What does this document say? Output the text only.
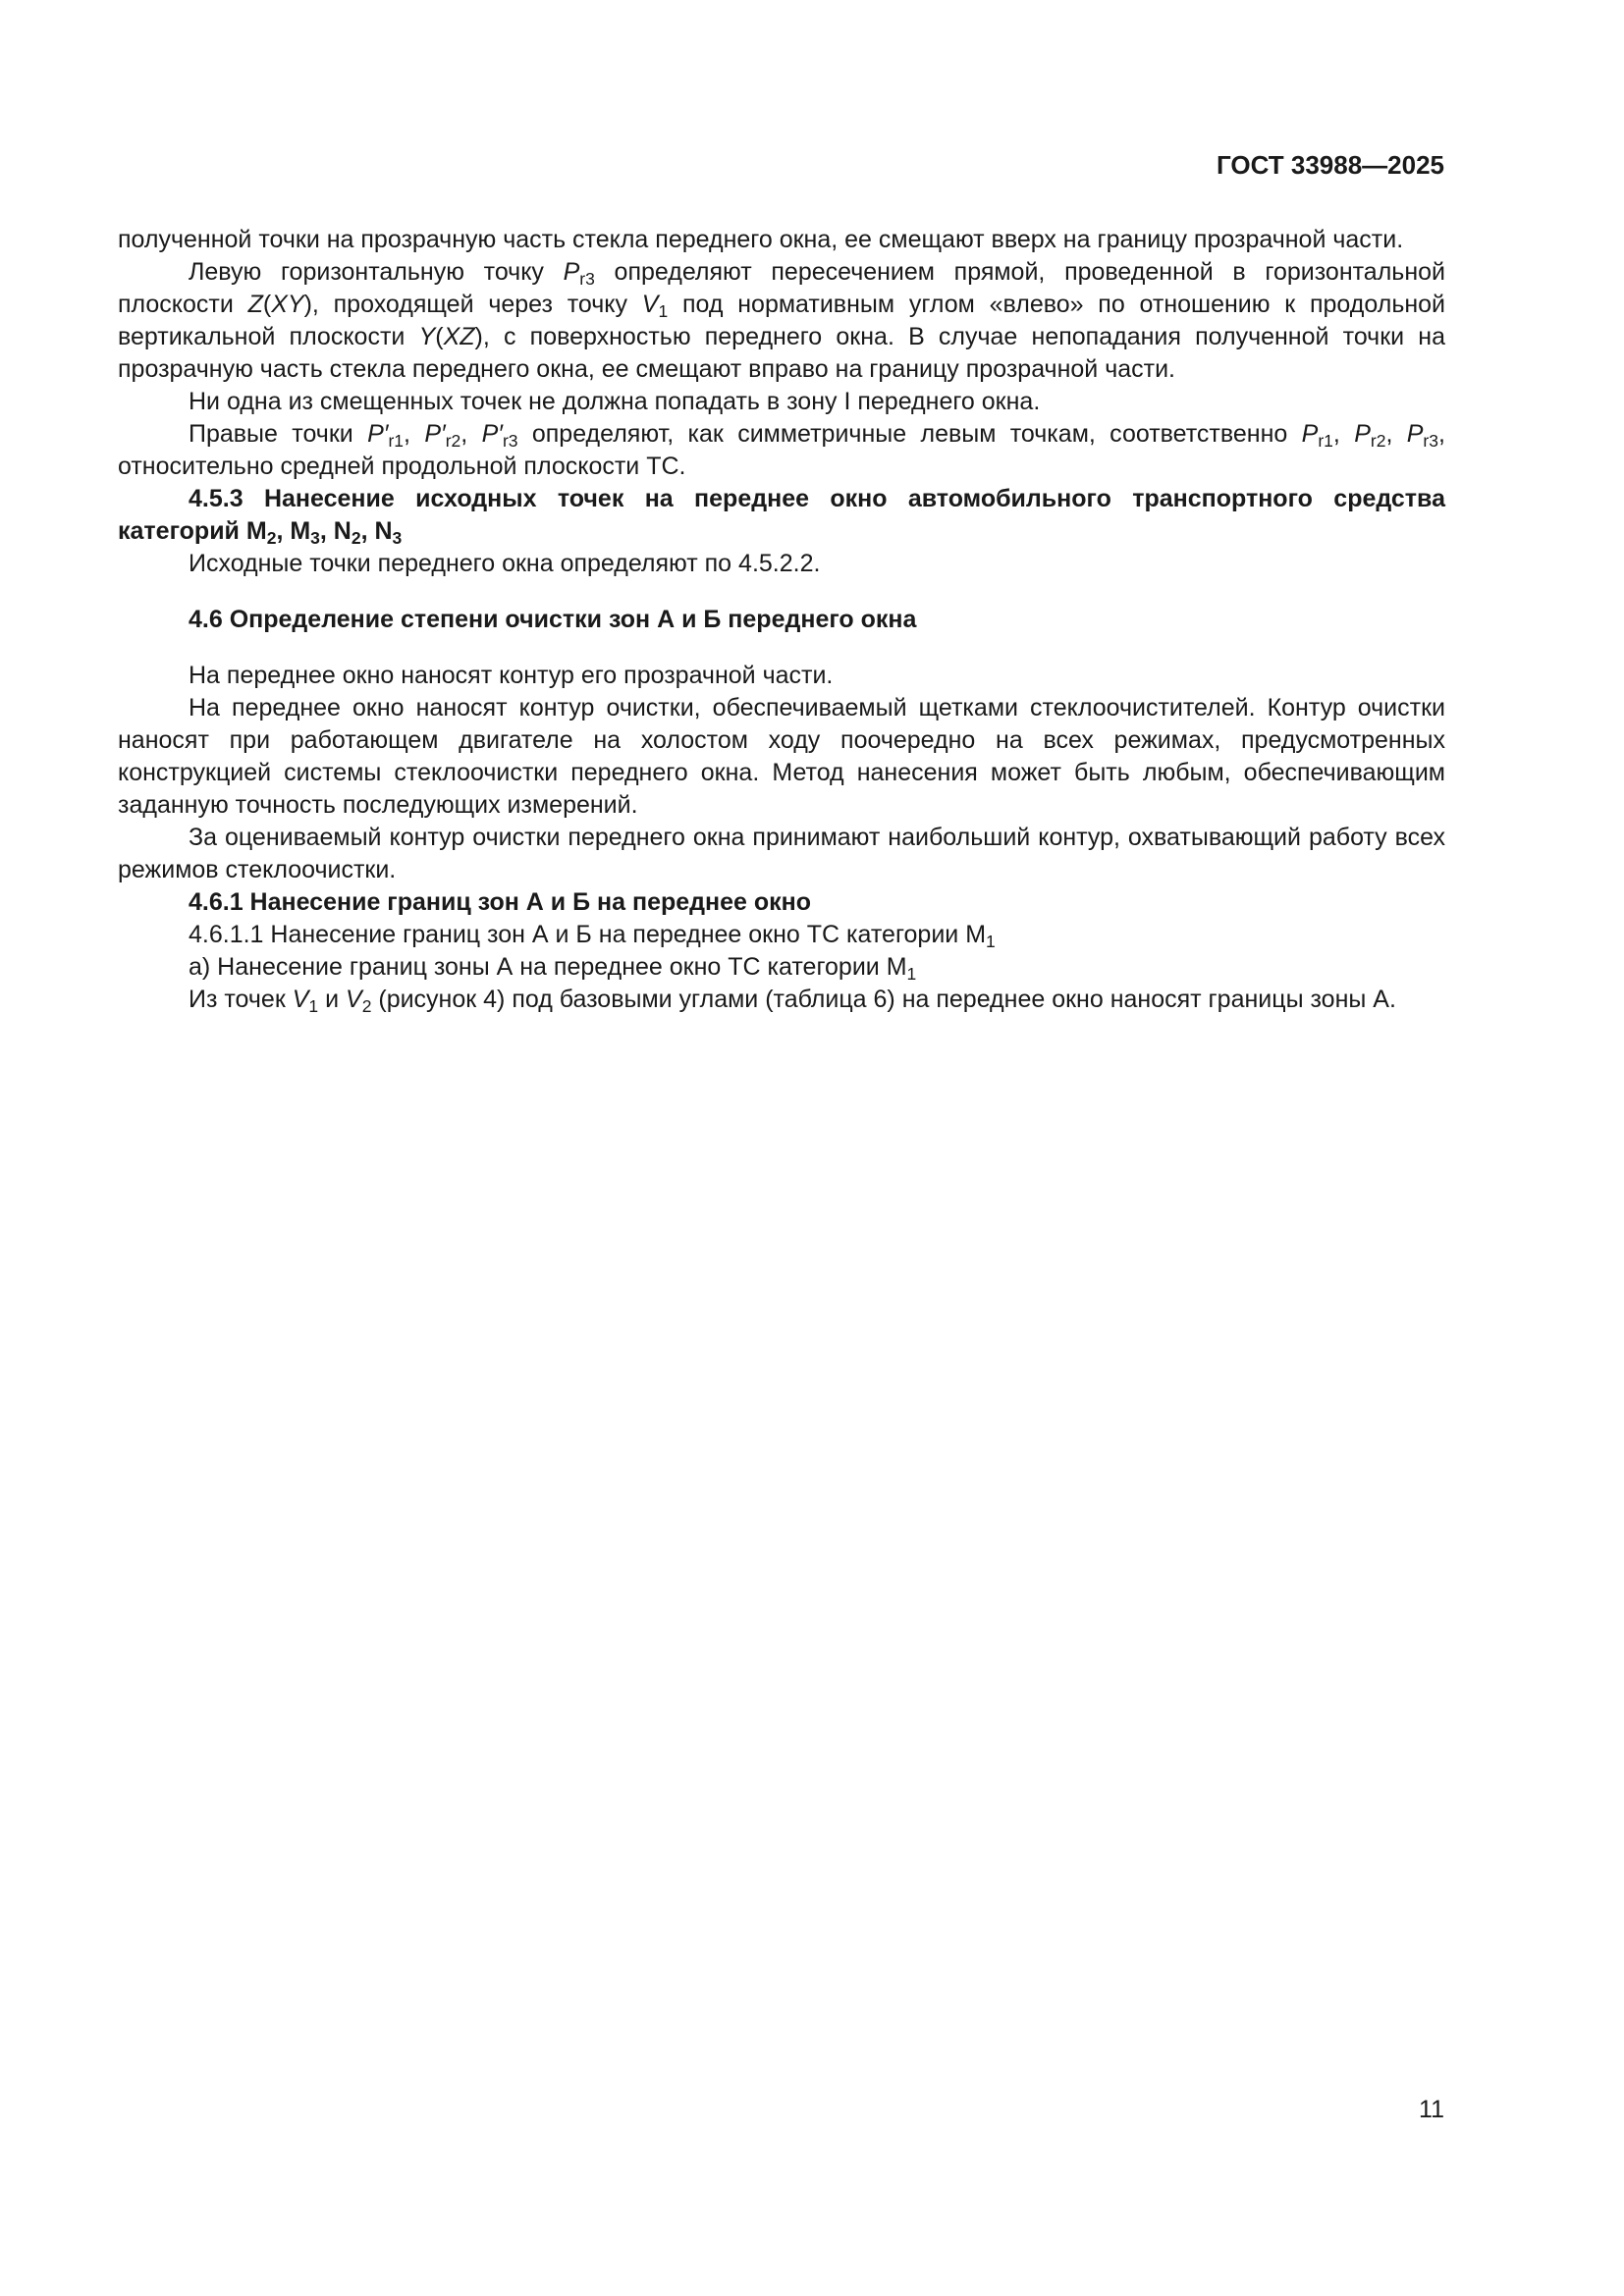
ГОСТ 33988—2025

полученной точки на прозрачную часть стекла переднего окна, ее смещают вверх на границу прозрачной части.

Левую горизонтальную точку $P_{r3}$ определяют пересечением прямой, проведенной в горизонтальной плоскости Z(XY), проходящей через точку $V_1$ под нормативным углом «влево» по отношению к продольной вертикальной плоскости Y(XZ), с поверхностью переднего окна. В случае непопадания полученной точки на прозрачную часть стекла переднего окна, ее смещают вправо на границу прозрачной части.

Ни одна из смещенных точек не должна попадать в зону I переднего окна.

Правые точки $P'_{r1}$, $P'_{r2}$, $P'_{r3}$ определяют, как симметричные левым точкам, соответственно $P_{r1}$, $P_{r2}$, $P_{r3}$, относительно средней продольной плоскости ТС.

4.5.3 Нанесение исходных точек на переднее окно автомобильного транспортного средства категорий $М_2$, $М_3$, $N_2$, $N_3$

Исходные точки переднего окна определяют по 4.5.2.2.

4.6 Определение степени очистки зон А и Б переднего окна

На переднее окно наносят контур его прозрачной части.

На переднее окно наносят контур очистки, обеспечиваемый щетками стеклоочистителей. Контур очистки наносят при работающем двигателе на холостом ходу поочередно на всех режимах, предусмотренных конструкцией системы стеклоочистки переднего окна. Метод нанесения может быть любым, обеспечивающим заданную точность последующих измерений.

За оцениваемый контур очистки переднего окна принимают наибольший контур, охватывающий работу всех режимов стеклоочистки.

4.6.1 Нанесение границ зон А и Б на переднее окно

4.6.1.1 Нанесение границ зон А и Б на переднее окно ТС категории $М_1$

а) Нанесение границ зоны А на переднее окно ТС категории $М_1$

Из точек $V_1$ и $V_2$ (рисунок 4) под базовыми углами (таблица 6) на переднее окно наносят границы зоны А.

11
